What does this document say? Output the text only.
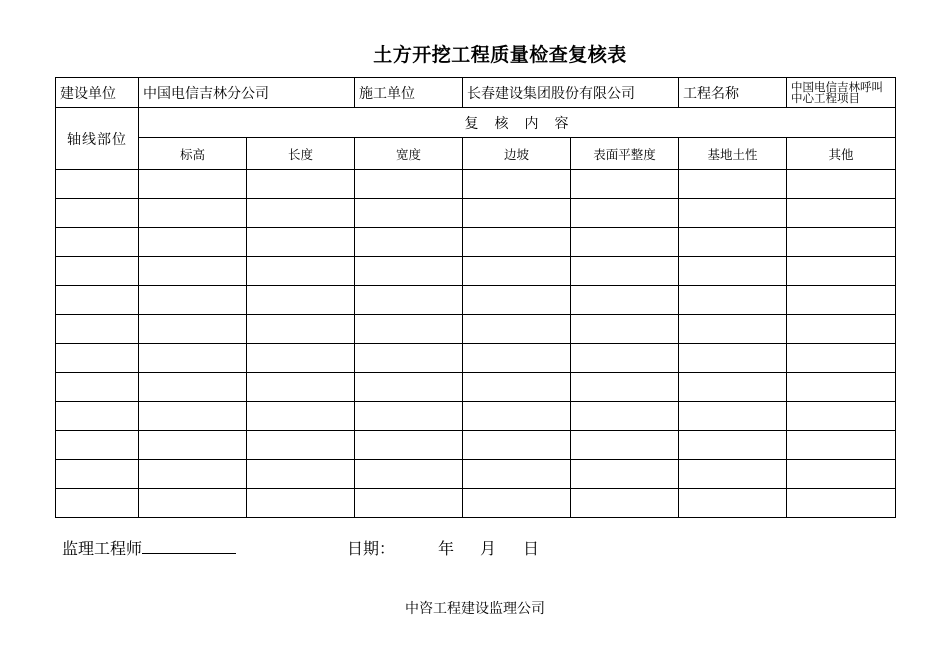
土方开挖工程质量检查复核表
建设单位	中国电信吉林分公司		施工单位	长春建设集团股份有限公司		工程名称	中国电信吉林呼叫中心工程项目
轴线部位	复　核　内　容						
	标高	长度	宽度	边坡	表面平整度	基地土性	其他

监理工程师	日期：	年 月 日
中咨工程建设监理公司
